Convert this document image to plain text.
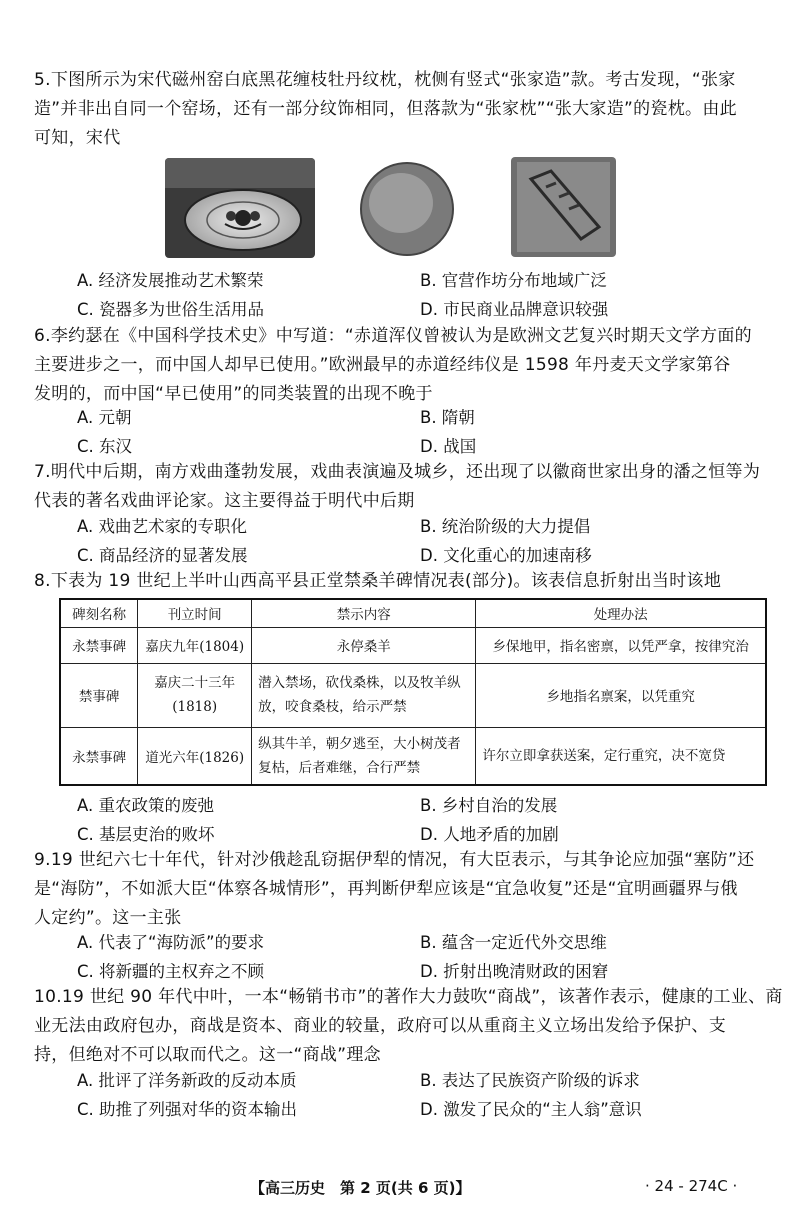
5.下图所示为宋代磁州窑白底黑花缠枝牡丹纹枕，枕侧有竖式“张家造”款。考古发现，“张家
造”并非出自同一个窑场，还有一部分纹饰相同，但落款为“张家枕”“张大家造”的瓷枕。由此
可知，宋代
A. 经济发展推动艺术繁荣	B. 官营作坊分布地域广泛
C. 瓷器多为世俗生活用品	D. 市民商业品牌意识较强
6.李约瑟在《中国科学技术史》中写道：“赤道浑仪曾被认为是欧洲文艺复兴时期天文学方面的
主要进步之一，而中国人却早已使用。”欧洲最早的赤道经纬仪是 1598 年丹麦天文学家第谷
发明的，而中国“早已使用”的同类装置的出现不晚于
A. 元朝	B. 隋朝
C. 东汉	D. 战国
7.明代中后期，南方戏曲蓬勃发展，戏曲表演遍及城乡，还出现了以徽商世家出身的潘之恒等为
代表的著名戏曲评论家。这主要得益于明代中后期
A. 戏曲艺术家的专职化	B. 统治阶级的大力提倡
C. 商品经济的显著发展	D. 文化重心的加速南移
8.下表为 19 世纪上半叶山西高平县正堂禁桑羊碑情况表(部分)。该表信息折射出当时该地
碑刻名称	刊立时间	禁示内容	处理办法
永禁事碑	嘉庆九年(1804)	永停桑羊	乡保地甲，指名密禀，以凭严拿，按律究治
禁事碑	嘉庆二十三年(1818)	潜入禁场，砍伐桑株，以及牧羊纵放，咬食桑枝，给示严禁	乡地指名禀案，以凭重究
永禁事碑	道光六年(1826)	纵其牛羊，朝夕逃至，大小树茂者复枯，后者难继，合行严禁	许尔立即拿获送案，定行重究，决不宽贷
A. 重农政策的废弛	B. 乡村自治的发展
C. 基层吏治的败坏	D. 人地矛盾的加剧
9.19 世纪六七十年代，针对沙俄趁乱窃据伊犁的情况，有大臣表示，与其争论应加强“塞防”还
是“海防”，不如派大臣“体察各城情形”，再判断伊犁应该是“宜急收复”还是“宜明画疆界与俄
人定约”。这一主张
A. 代表了“海防派”的要求	B. 蕴含一定近代外交思维
C. 将新疆的主权弃之不顾	D. 折射出晚清财政的困窘
10.19 世纪 90 年代中叶，一本“畅销书市”的著作大力鼓吹“商战”，该著作表示，健康的工业、商
业无法由政府包办，商战是资本、商业的较量，政府可以从重商主义立场出发给予保护、支
持，但绝对不可以取而代之。这一“商战”理念
A. 批评了洋务新政的反动本质	B. 表达了民族资产阶级的诉求
C. 助推了列强对华的资本输出	D. 激发了民众的“主人翁”意识
【高三历史　第 2 页(共 6 页)】	· 24 - 274C ·
